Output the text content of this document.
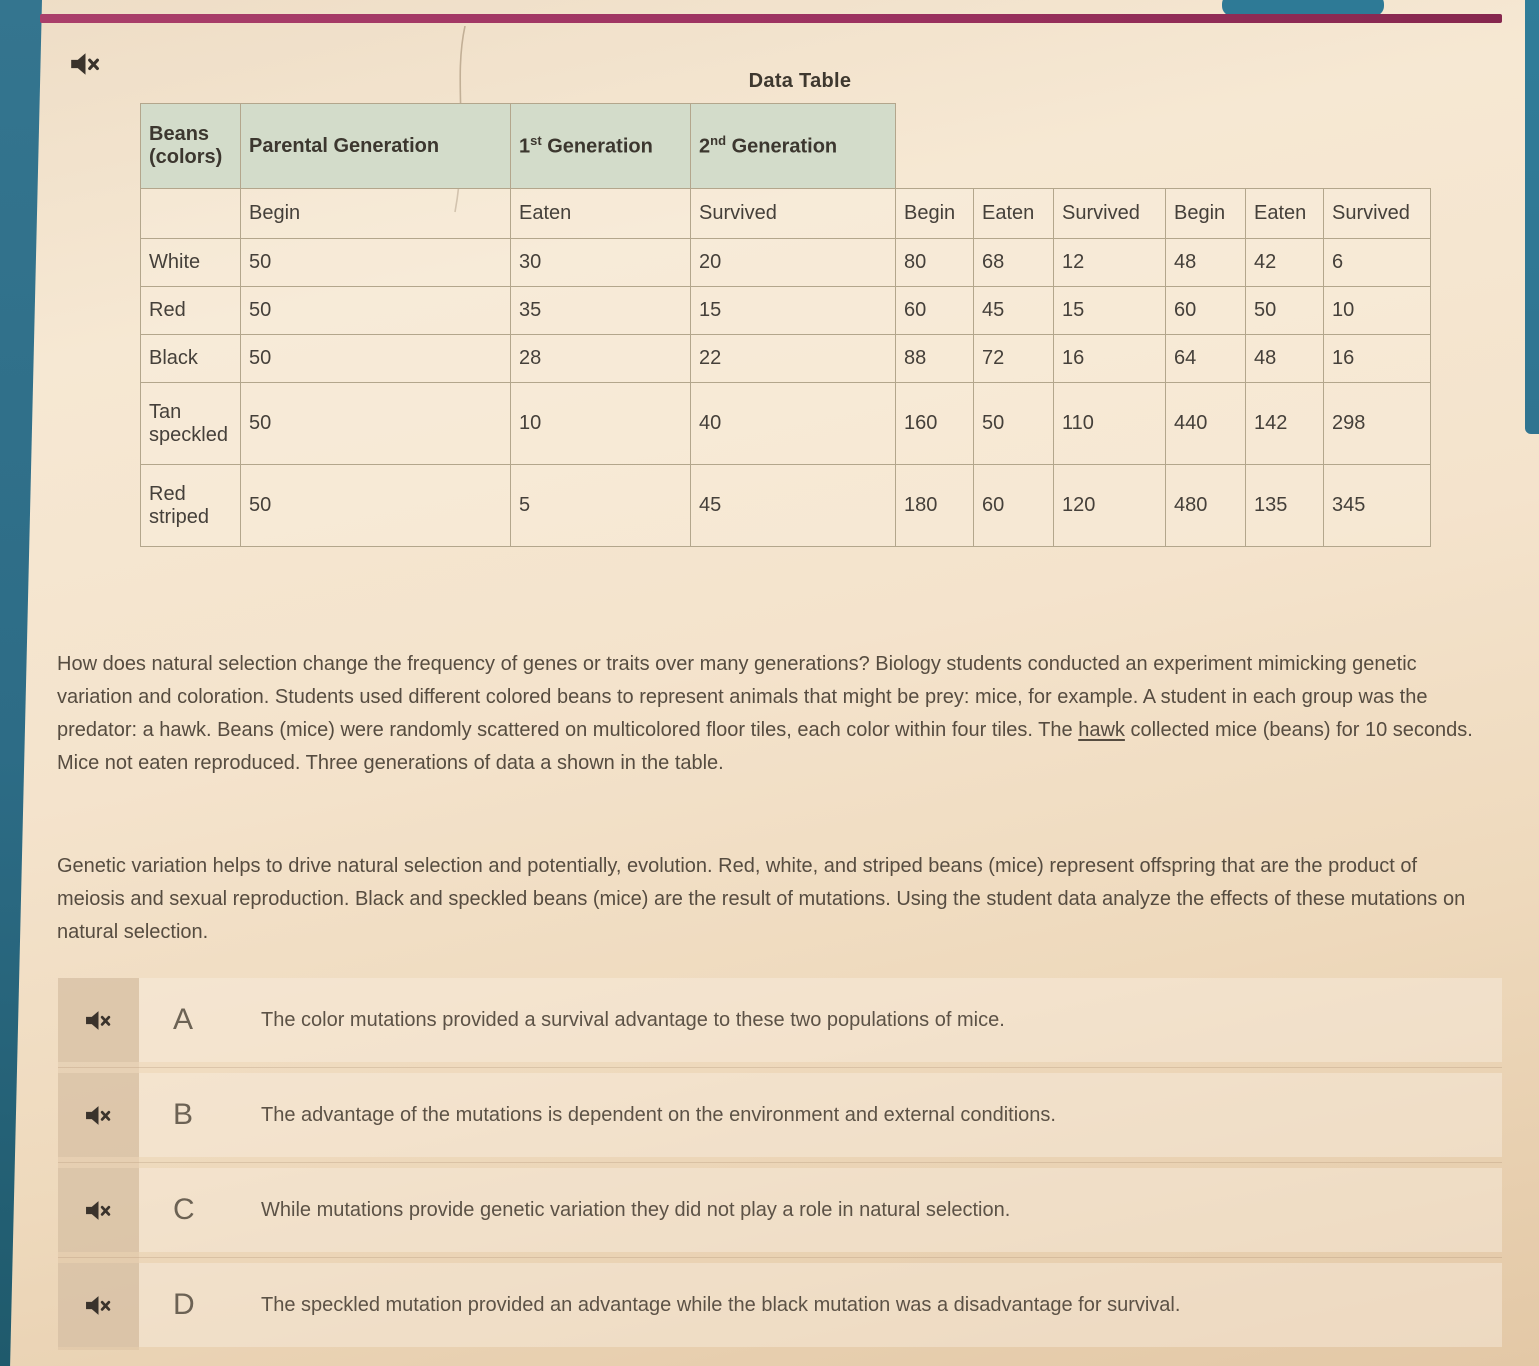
Data Table
Beans (colors)	Parental Generation	1st Generation	2nd Generation						
	Begin	Eaten	Survived	Begin	Eaten	Survived	Begin	Eaten	Survived
White	50	30	20	80	68	12	48	42	6
Red	50	35	15	60	45	15	60	50	10
Black	50	28	22	88	72	16	64	48	16
Tan speckled	50	10	40	160	50	110	440	142	298
Red striped	50	5	45	180	60	120	480	135	345
How does natural selection change the frequency of genes or traits over many generations? Biology students conducted an experiment mimicking genetic variation and coloration. Students used different colored beans to represent animals that might be prey: mice, for example. A student in each group was the predator: a hawk. Beans (mice) were randomly scattered on multicolored floor tiles, each color within four tiles. The hawk collected mice (beans) for 10 seconds. Mice not eaten reproduced. Three generations of data a shown in the table.
Genetic variation helps to drive natural selection and potentially, evolution. Red, white, and striped beans (mice) represent offspring that are the product of meiosis and sexual reproduction. Black and speckled beans (mice) are the result of mutations. Using the student data analyze the effects of these mutations on natural selection.
A	The color mutations provided a survival advantage to these two populations of mice.
B	The advantage of the mutations is dependent on the environment and external conditions.
C	While mutations provide genetic variation they did not play a role in natural selection.
D	The speckled mutation provided an advantage while the black mutation was a disadvantage for survival.
